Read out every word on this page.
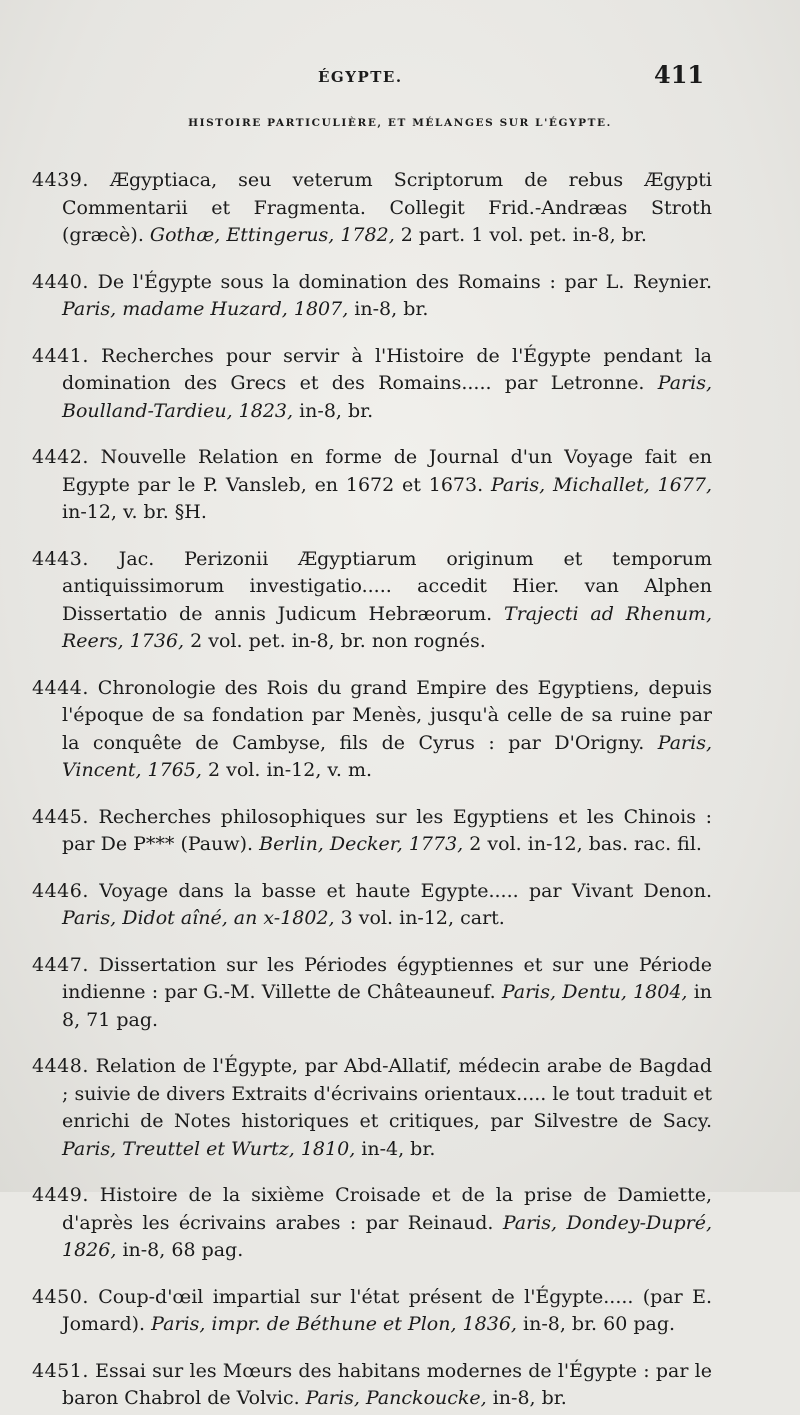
ÉGYPTE.	411
HISTOIRE PARTICULIÈRE, ET MÉLANGES SUR L'ÉGYPTE.

4439. Ægyptiaca, seu veterum Scriptorum de rebus Ægypti Commentarii et Fragmenta. Collegit Frid.-Andræas Stroth (græcè). Gothæ, Ettingerus, 1782, 2 part. 1 vol. pet. in-8, br.

4440. De l'Égypte sous la domination des Romains : par L. Reynier. Paris, madame Huzard, 1807, in-8, br.

4441. Recherches pour servir à l'Histoire de l'Égypte pendant la domination des Grecs et des Romains..... par Letronne. Paris, Boulland-Tardieu, 1823, in-8, br.

4442. Nouvelle Relation en forme de Journal d'un Voyage fait en Egypte par le P. Vansleb, en 1672 et 1673. Paris, Michallet, 1677, in-12, v. br. §H.

4443. Jac. Perizonii Ægyptiarum originum et temporum antiquissimorum investigatio..... accedit Hier. van Alphen Dissertatio de annis Judicum Hebræorum. Trajecti ad Rhenum, Reers, 1736, 2 vol. pet. in-8, br. non rognés.

4444. Chronologie des Rois du grand Empire des Egyptiens, depuis l'époque de sa fondation par Menès, jusqu'à celle de sa ruine par la conquête de Cambyse, fils de Cyrus : par D'Origny. Paris, Vincent, 1765, 2 vol. in-12, v. m.

4445. Recherches philosophiques sur les Egyptiens et les Chinois : par De P*** (Pauw). Berlin, Decker, 1773, 2 vol. in-12, bas. rac. fil.

4446. Voyage dans la basse et haute Egypte..... par Vivant Denon. Paris, Didot aîné, an x-1802, 3 vol. in-12, cart.

4447. Dissertation sur les Périodes égyptiennes et sur une Période indienne : par G.-M. Villette de Châteauneuf. Paris, Dentu, 1804, in 8, 71 pag.

4448. Relation de l'Égypte, par Abd-Allatif, médecin arabe de Bagdad ; suivie de divers Extraits d'écrivains orientaux..... le tout traduit et enrichi de Notes historiques et critiques, par Silvestre de Sacy. Paris, Treuttel et Wurtz, 1810, in-4, br.

4449. Histoire de la sixième Croisade et de la prise de Damiette, d'après les écrivains arabes : par Reinaud. Paris, Dondey-Dupré, 1826, in-8, 68 pag.

4450. Coup-d'œil impartial sur l'état présent de l'Égypte..... (par E. Jomard). Paris, impr. de Béthune et Plon, 1836, in-8, br. 60 pag.

4451. Essai sur les Mœurs des habitans modernes de l'Égypte : par le baron Chabrol de Volvic. Paris, Panckoucke, in-8, br.
